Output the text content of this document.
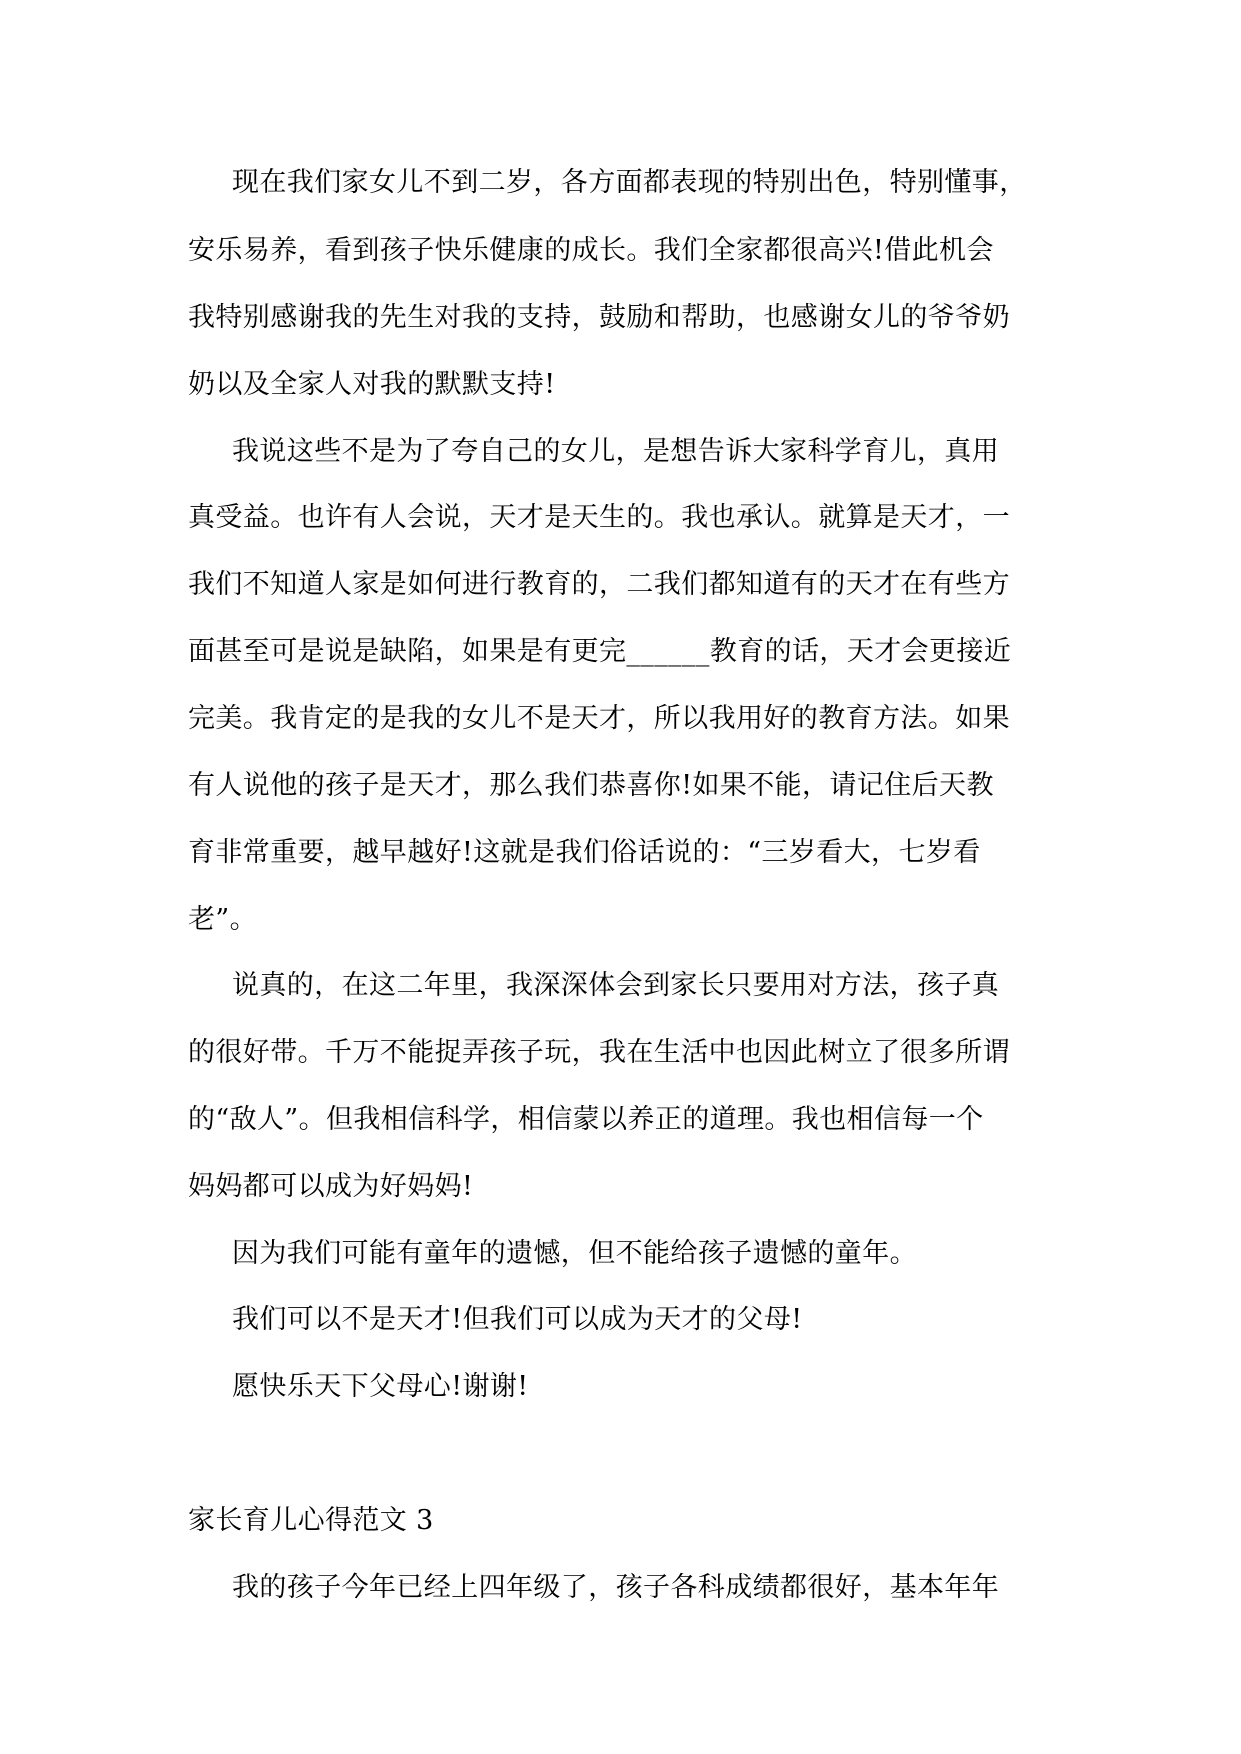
现在我们家女儿不到二岁，各方面都表现的特别出色，特别懂事，
安乐易养，看到孩子快乐健康的成长。我们全家都很高兴!借此机会
我特别感谢我的先生对我的支持，鼓励和帮助，也感谢女儿的爷爷奶
奶以及全家人对我的默默支持!
我说这些不是为了夸自己的女儿，是想告诉大家科学育儿，真用
真受益。也许有人会说，天才是天生的。我也承认。就算是天才，一
我们不知道人家是如何进行教育的，二我们都知道有的天才在有些方
面甚至可是说是缺陷，如果是有更完______教育的话，天才会更接近
完美。我肯定的是我的女儿不是天才，所以我用好的教育方法。如果
有人说他的孩子是天才，那么我们恭喜你!如果不能，请记住后天教
育非常重要，越早越好!这就是我们俗话说的：“三岁看大，七岁看
老”。
说真的，在这二年里，我深深体会到家长只要用对方法，孩子真
的很好带。千万不能捉弄孩子玩，我在生活中也因此树立了很多所谓
的“敌人”。但我相信科学，相信蒙以养正的道理。我也相信每一个
妈妈都可以成为好妈妈!
因为我们可能有童年的遗憾，但不能给孩子遗憾的童年。
我们可以不是天才!但我们可以成为天才的父母!
愿快乐天下父母心!谢谢!
家长育儿心得范文 3
我的孩子今年已经上四年级了，孩子各科成绩都很好，基本年年
